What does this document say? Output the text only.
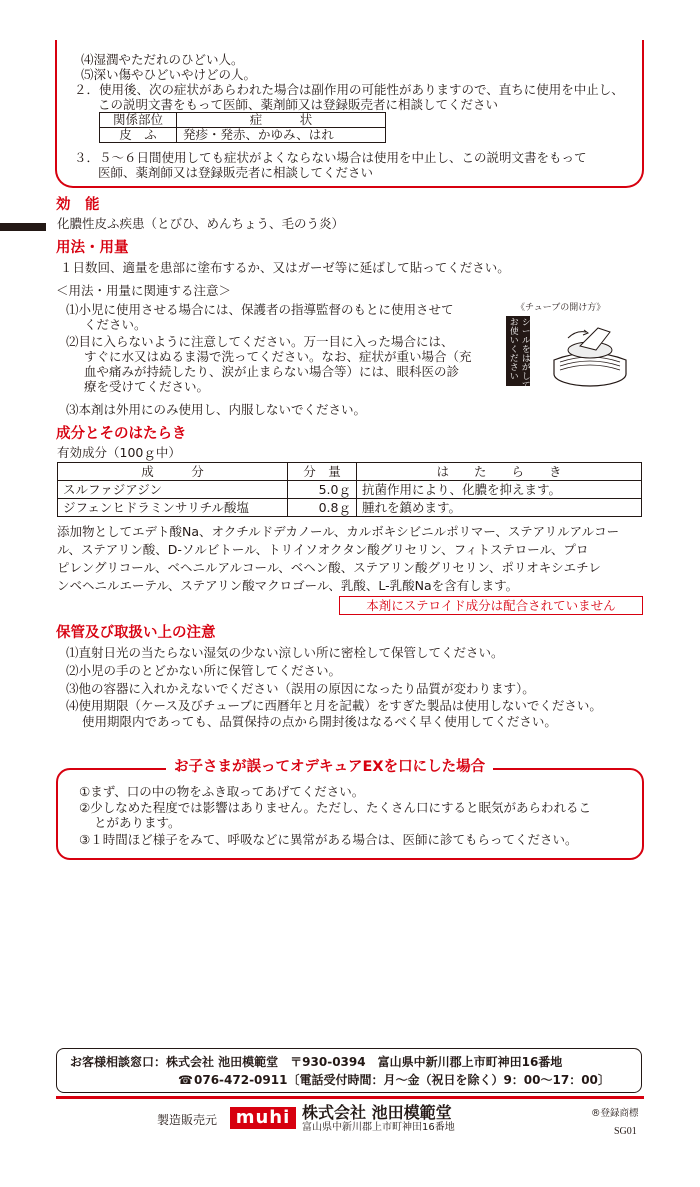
⑷湿潤やただれのひどい人。
⑸深い傷やひどいやけどの人。
２．使用後、次の症状があらわれた場合は副作用の可能性がありますので、直ちに使用を中止し、
この説明文書をもって医師、薬剤師又は登録販売者に相談してください
関係部位	症　　　状
皮　ふ	発疹・発赤、かゆみ、はれ
３．５～６日間使用しても症状がよくならない場合は使用を中止し、この説明文書をもって
医師、薬剤師又は登録販売者に相談してください
効　能
化膿性皮ふ疾患（とびひ、めんちょう、毛のう炎）
用法・用量
１日数回、適量を患部に塗布するか、又はガーゼ等に延ばして貼ってください。
＜用法・用量に関連する注意＞
⑴小児に使用させる場合には、保護者の指導監督のもとに使用させて
ください。
⑵目に入らないように注意してください。万一目に入った場合には、
すぐに水又はぬるま湯で洗ってください。なお、症状が重い場合（充
血や痛みが持続したり、涙が止まらない場合等）には、眼科医の診
療を受けてください。
⑶本剤は外用にのみ使用し、内服しないでください。
《チューブの開け方》
シールをはがして
お使いください
成分とそのはたらき
有効成分（100ｇ中）
成　　　分	分　量	は　　た　　ら　　き
スルファジアジン	5.0ｇ	抗菌作用により、化膿を抑えます。
ジフェンヒドラミンサリチル酸塩	0.8ｇ	腫れを鎮めます。
添加物としてエデト酸Na、オクチルドデカノール、カルボキシビニルポリマー、ステアリルアルコー
ル、ステアリン酸、D-ソルビトール、トリイソオクタン酸グリセリン、フィトステロール、プロ
ピレングリコール、ベヘニルアルコール、ベヘン酸、ステアリン酸グリセリン、ポリオキシエチレ
ンベヘニルエーテル、ステアリン酸マクロゴール、乳酸、L-乳酸Naを含有します。
本剤にステロイド成分は配合されていません
保管及び取扱い上の注意
⑴直射日光の当たらない湿気の少ない涼しい所に密栓して保管してください。
⑵小児の手のとどかない所に保管してください。
⑶他の容器に入れかえないでください（誤用の原因になったり品質が変わります）。
⑷使用期限（ケース及びチューブに西暦年と月を記載）をすぎた製品は使用しないでください。
使用期限内であっても、品質保持の点から開封後はなるべく早く使用してください。
お子さまが誤ってオデキュアEXを口にした場合
①まず、口の中の物をふき取ってあげてください。
②少しなめた程度では影響はありません。ただし、たくさん口にすると眠気があらわれるこ
とがあります。
③１時間ほど様子をみて、呼吸などに異常がある場合は、医師に診てもらってください。
お客様相談窓口：株式会社 池田模範堂　〒930-0394　富山県中新川郡上市町神田16番地
☎ 076-472-0911〔電話受付時間：月～金（祝日を除く）9：00～17：00〕
製造販売元	muhi 株式会社 池田模範堂
富山県中新川郡上市町神田16番地
®登録商標
SG01
